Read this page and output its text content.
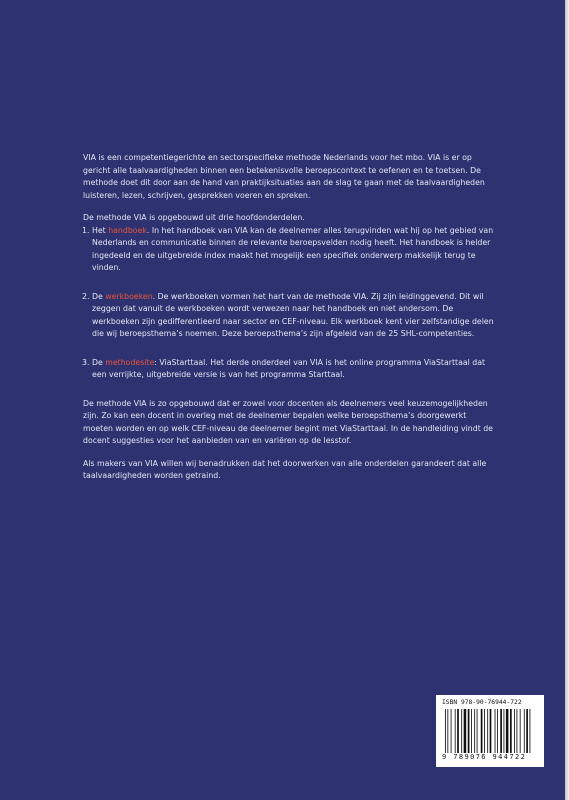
VIA is een competentiegerichte en sectorspecifieke methode Nederlands voor het mbo. VIA is er op gericht alle taalvaardigheden binnen een betekenisvolle beroepscontext te oefenen en te toetsen. De methode doet dit door aan de hand van praktijksituaties aan de slag te gaan met de taalvaardigheden luisteren, lezen, schrijven, gesprekken voeren en spreken.

De methode VIA is opgebouwd uit drie hoofdonderdelen.

1. Het handboek. In het handboek van VIA kan de deelnemer alles terugvinden wat hij op het gebied van Nederlands en communicatie binnen de relevante beroepsvelden nodig heeft. Het handboek is helder ingedeeld en de uitgebreide index maakt het mogelijk een specifiek onderwerp makkelijk terug te vinden.
2. De werkboeken. De werkboeken vormen het hart van de methode VIA. Zij zijn leidinggevend. Dit wil zeggen dat vanuit de werkboeken wordt verwezen naar het handboek en niet andersom. De werkboeken zijn gedifferentieerd naar sector en CEF-niveau. Elk werkboek kent vier zelfstandige delen die wij beroepsthema’s noemen. Deze beroepsthema’s zijn afgeleid van de 25 SHL-competenties.
3. De methodesite: ViaStarttaal. Het derde onderdeel van VIA is het online programma ViaStarttaal dat een verrijkte, uitgebreide versie is van het programma Starttaal.

De methode VIA is zo opgebouwd dat er zowel voor docenten als deelnemers veel keuzemogelijkheden zijn. Zo kan een docent in overleg met de deelnemer bepalen welke beroepsthema’s doorgewerkt moeten worden en op welk CEF-niveau de deelnemer begint met ViaStarttaal. In de handleiding vindt de docent suggesties voor het aanbieden van en variëren op de lesstof.

Als makers van VIA willen wij benadrukken dat het doorwerken van alle onderdelen garandeert dat alle taalvaardigheden worden getraind.

ISBN 978-90-76944-722
9 789076 944722
